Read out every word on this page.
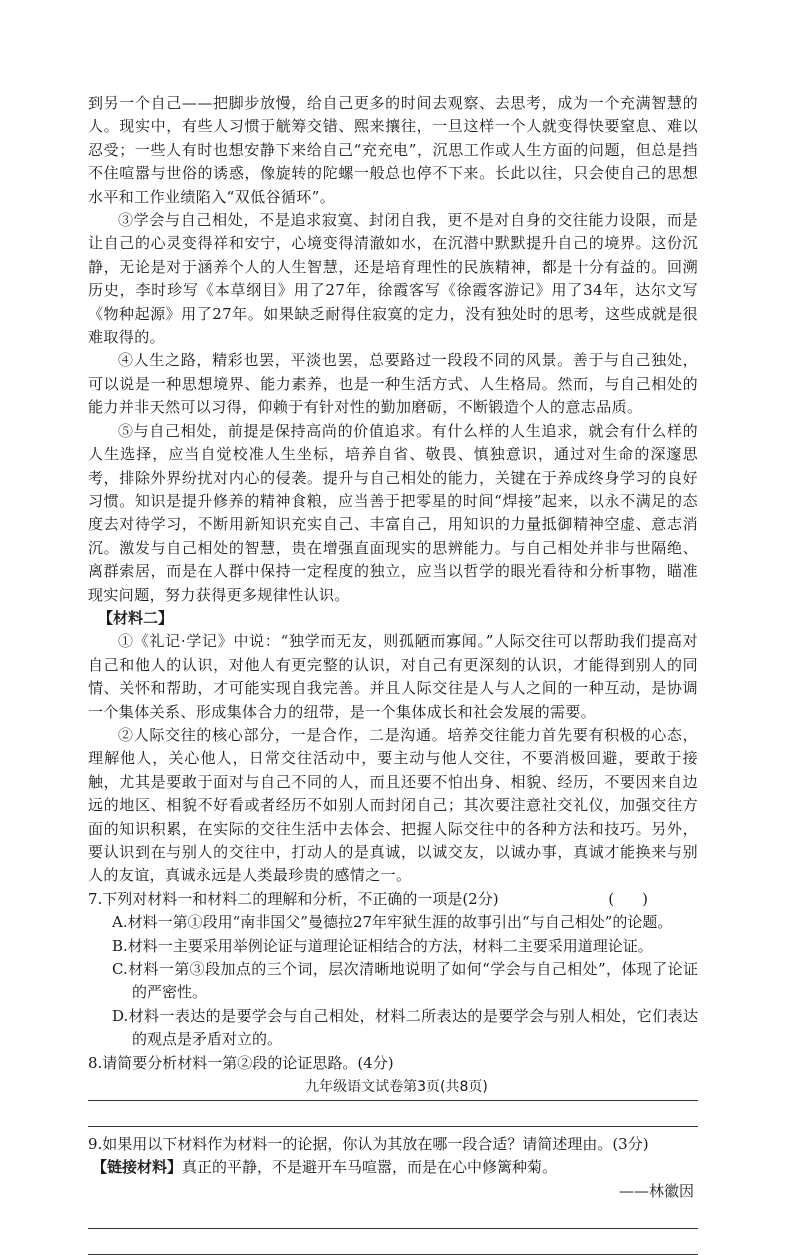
到另一个自己——把脚步放慢，给自己更多的时间去观察、去思考，成为一个充满智慧的人。现实中，有些人习惯于觥筹交错、熙来攘往，一旦这样一个人就变得快要窒息、难以忍受；一些人有时也想安静下来给自己“充充电”，沉思工作或人生方面的问题，但总是挡不住喧嚣与世俗的诱惑，像旋转的陀螺一般总也停不下来。长此以往，只会使自己的思想水平和工作业绩陷入“双低谷循环”。

③学会与自己相处，不是追求寂寞、封闭自我，更不是对自身的交往能力设限，而是让自己的心灵变得祥和安宁，心境变得清澈如水，在沉潜中默默提升自己的境界。这份沉静，无论是对于涵养个人的人生智慧，还是培育理性的民族精神，都是十分有益的。回溯历史，李时珍写《本草纲目》用了27年，徐霞客写《徐霞客游记》用了34年，达尔文写《物种起源》用了27年。如果缺乏耐得住寂寞的定力，没有独处时的思考，这些成就是很难取得的。

④人生之路，精彩也罢，平淡也罢，总要路过一段段不同的风景。善于与自己独处，可以说是一种思想境界、能力素养，也是一种生活方式、人生格局。然而，与自己相处的能力并非天然可以习得，仰赖于有针对性的勤加磨砺，不断锻造个人的意志品质。

⑤与自己相处，前提是保持高尚的价值追求。有什么样的人生追求，就会有什么样的人生选择，应当自觉校准人生坐标，培养自省、敬畏、慎独意识，通过对生命的深邃思考，排除外界纷扰对内心的侵袭。提升与自己相处的能力，关键在于养成终身学习的良好习惯。知识是提升修养的精神食粮，应当善于把零星的时间“焊接”起来，以永不满足的态度去对待学习，不断用新知识充实自己、丰富自己，用知识的力量抵御精神空虚、意志消沉。激发与自己相处的智慧，贵在增强直面现实的思辨能力。与自己相处并非与世隔绝、离群索居，而是在人群中保持一定程度的独立，应当以哲学的眼光看待和分析事物，瞄准现实问题，努力获得更多规律性认识。

【材料二】

①《礼记·学记》中说：“独学而无友，则孤陋而寡闻。”人际交往可以帮助我们提高对自己和他人的认识，对他人有更完整的认识，对自己有更深刻的认识，才能得到别人的同情、关怀和帮助，才可能实现自我完善。并且人际交往是人与人之间的一种互动，是协调一个集体关系、形成集体合力的纽带，是一个集体成长和社会发展的需要。

②人际交往的核心部分，一是合作，二是沟通。培养交往能力首先要有积极的心态，理解他人，关心他人，日常交往活动中，要主动与他人交往，不要消极回避，要敢于接触，尤其是要敢于面对与自己不同的人，而且还要不怕出身、相貌、经历，不要因来自边远的地区、相貌不好看或者经历不如别人而封闭自己；其次要注意社交礼仪，加强交往方面的知识积累，在实际的交往生活中去体会、把握人际交往中的各种方法和技巧。另外，要认识到在与别人的交往中，打动人的是真诚，以诚交友，以诚办事，真诚才能换来与别人的友谊，真诚永远是人类最珍贵的感情之一。

7.下列对材料一和材料二的理解和分析，不正确的一项是(2分)	()

A.材料一第①段用“南非国父”曼德拉27年牢狱生涯的故事引出“与自己相处”的论题。

B.材料一主要采用举例论证与道理论证相结合的方法，材料二主要采用道理论证。

C.材料一第③段加点的三个词，层次清晰地说明了如何“学会与自己相处”，体现了论证的严密性。

D.材料一表达的是要学会与自己相处，材料二所表达的是要学会与别人相处，它们表达的观点是矛盾对立的。

8.请简要分析材料一第②段的论证思路。(4分)
9.如果用以下材料作为材料一的论据，你认为其放在哪一段合适？请简述理由。(3分)

【链接材料】真正的平静，不是避开车马喧嚣，而是在心中修篱种菊。

——林徽因

九年级语文试卷第3页(共8页)
